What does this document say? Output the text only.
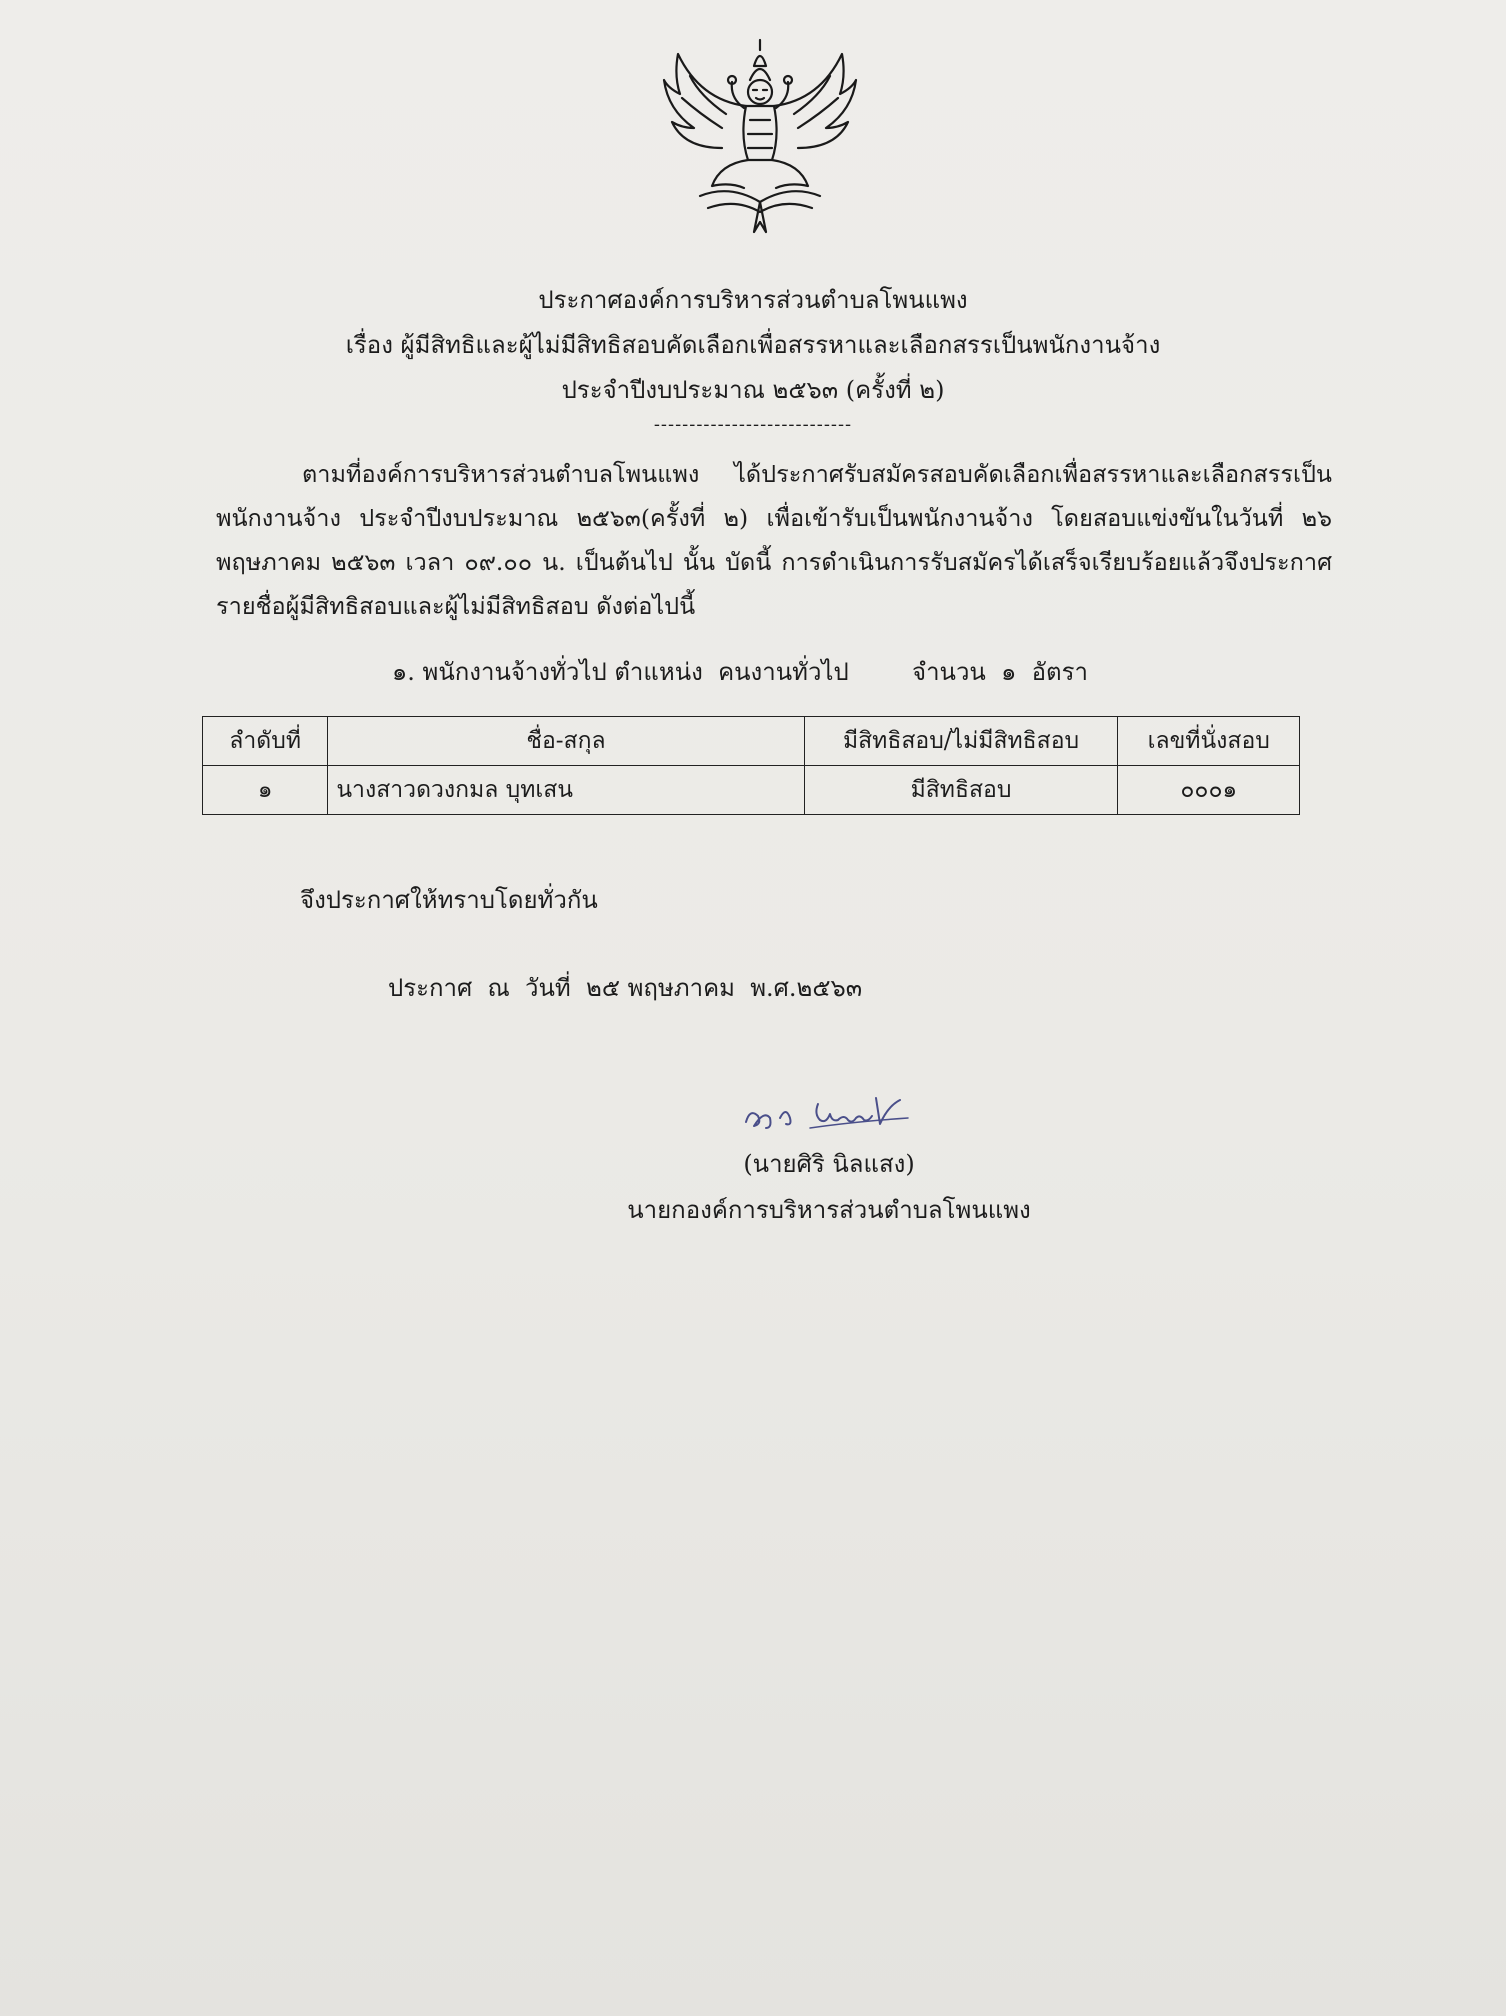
ประกาศองค์การบริหารส่วนตำบลโพนแพง
เรื่อง ผู้มีสิทธิและผู้ไม่มีสิทธิสอบคัดเลือกเพื่อสรรหาและเลือกสรรเป็นพนักงานจ้าง
ประจำปีงบประมาณ ๒๕๖๓ (ครั้งที่ ๒)
----------------------------
ตามที่องค์การบริหารส่วนตำบลโพนแพง ได้ประกาศรับสมัครสอบคัดเลือกเพื่อสรรหาและเลือกสรรเป็นพนักงานจ้าง ประจำปีงบประมาณ ๒๕๖๓(ครั้งที่ ๒) เพื่อเข้ารับเป็นพนักงานจ้าง โดยสอบแข่งขันในวันที่ ๒๖ พฤษภาคม ๒๕๖๓ เวลา ๐๙.๐๐ น. เป็นต้นไป นั้น บัดนี้ การดำเนินการรับสมัครได้เสร็จเรียบร้อยแล้วจึงประกาศรายชื่อผู้มีสิทธิสอบและผู้ไม่มีสิทธิสอบ ดังต่อไปนี้
๑. พนักงานจ้างทั่วไป ตำแหน่ง  คนงานทั่วไป	จำนวน  ๑  อัตรา
ลำดับที่	ชื่อ-สกุล	มีสิทธิสอบ/ไม่มีสิทธิสอบ	เลขที่นั่งสอบ
๑	นางสาวดวงกมล บุทเสน	มีสิทธิสอบ	๐๐๐๑
จึงประกาศให้ทราบโดยทั่วกัน
ประกาศ  ณ  วันที่  ๒๕ พฤษภาคม  พ.ศ.๒๕๖๓
(นายศิริ นิลแสง)
นายกองค์การบริหารส่วนตำบลโพนแพง
